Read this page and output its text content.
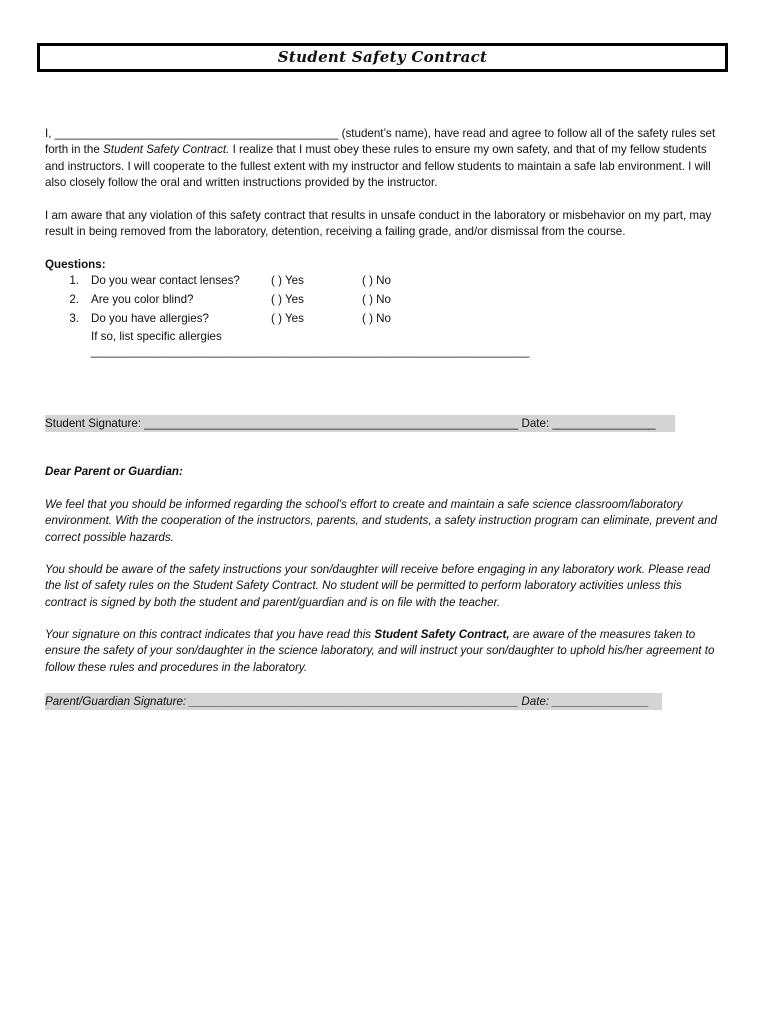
Student Safety Contract

I, ____________________________________________ (student’s name), have read and agree to follow all of the safety rules set forth in the Student Safety Contract. I realize that I must obey these rules to ensure my own safety, and that of my fellow students and instructors. I will cooperate to the fullest extent with my instructor and fellow students to maintain a safe lab environment. I will also closely follow the oral and written instructions provided by the instructor.

I am aware that any violation of this safety contract that results in unsafe conduct in the laboratory or misbehavior on my part, may result in being removed from the laboratory, detention, receiving a failing grade, and/or dismissal from the course.

Questions:
1. Do you wear contact lenses?	( ) Yes	( ) No
2. Are you color blind?	( ) Yes	( ) No
3. Do you have allergies?	( ) Yes	( ) No
If so, list specific allergies
____________________________________________________________________
Student Signature: __________________________________________________________ Date: ________________
Dear Parent or Guardian:

We feel that you should be informed regarding the school’s effort to create and maintain a safe science classroom/laboratory environment. With the cooperation of the instructors, parents, and students, a safety instruction program can eliminate, prevent and correct possible hazards.

You should be aware of the safety instructions your son/daughter will receive before engaging in any laboratory work. Please read the list of safety rules on the Student Safety Contract. No student will be permitted to perform laboratory activities unless this contract is signed by both the student and parent/guardian and is on file with the teacher.

Your signature on this contract indicates that you have read this Student Safety Contract, are aware of the measures taken to ensure the safety of your son/daughter in the science laboratory, and will instruct your son/daughter to uphold his/her agreement to follow these rules and procedures in the laboratory.

Parent/Guardian Signature: ___________________________________________________ Date: _______________
